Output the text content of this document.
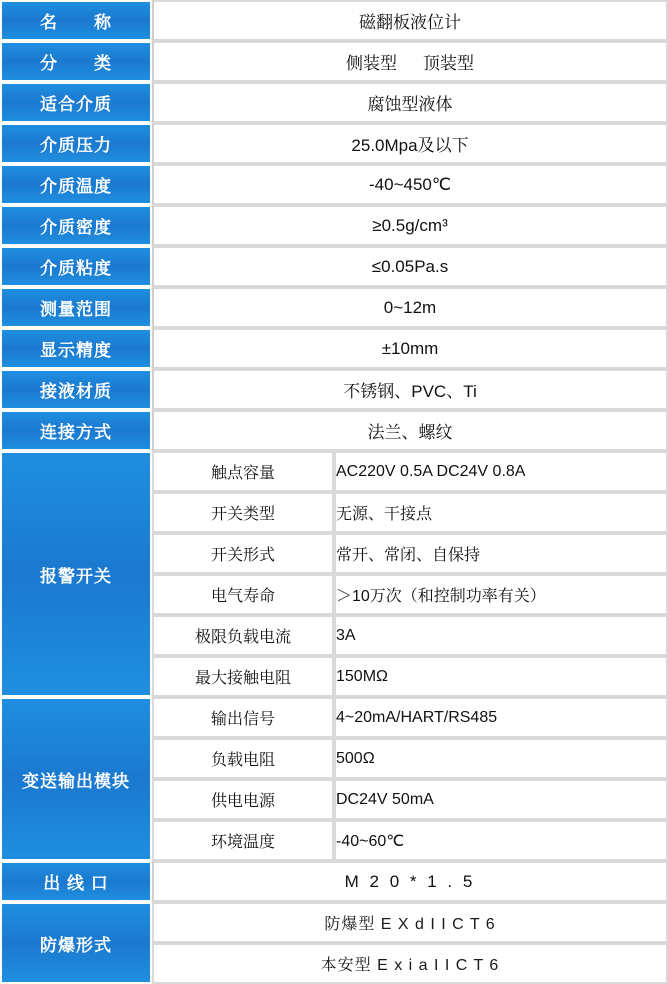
名　　称	磁翻板液位计
分　　类	侧装型 顶装型

适合介质	腐蚀型液体
介质压力	25.0Mpa及以下
介质温度	-40~450℃
介质密度	≥0.5g/cm³
介质粘度	≤0.05Pa.s
测量范围	0~12m
显示精度	±10mm
接液材质	不锈钢、PVC、Ti
连接方式	法兰、螺纹
报警开关	
触点容量	AC220V 0.5A DC24V 0.8A
开关类型	无源、干接点
开关形式	常开、常闭、自保持
电气寿命	＞10万次（和控制功率有关）
极限负载电流	3A
最大接触电阻	150MΩ

变送输出模块	
输出信号	4~20mA/HART/RS485
负载电阻	500Ω
供电电源	DC24V 50mA
环境温度	-40~60℃

出 线 口	M 2 0 * 1 . 5
防爆形式	
防爆型 E X d I I C T 6
本安型 E x i a I I C T 6
